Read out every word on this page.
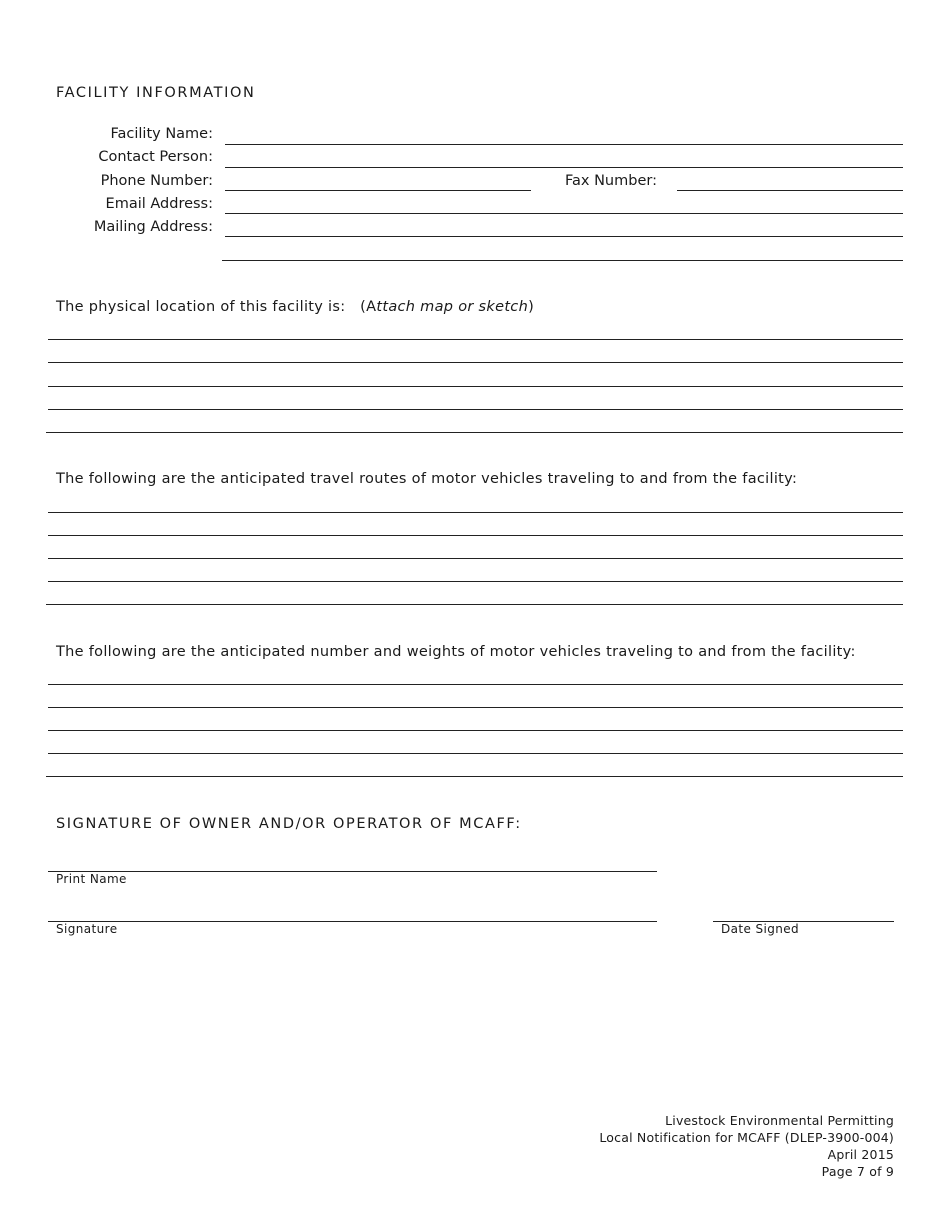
FACILITY INFORMATION
Facility Name:
Contact Person:
Phone Number:	Fax Number:
Email Address:
Mailing Address:
The physical location of this facility is: (Attach map or sketch)
The following are the anticipated travel routes of motor vehicles traveling to and from the facility:
The following are the anticipated number and weights of motor vehicles traveling to and from the facility:
SIGNATURE OF OWNER AND/OR OPERATOR OF MCAFF:
Print Name
Signature	Date Signed
Livestock Environmental Permitting
Local Notification for MCAFF (DLEP-3900-004)
April 2015
Page 7 of 9
